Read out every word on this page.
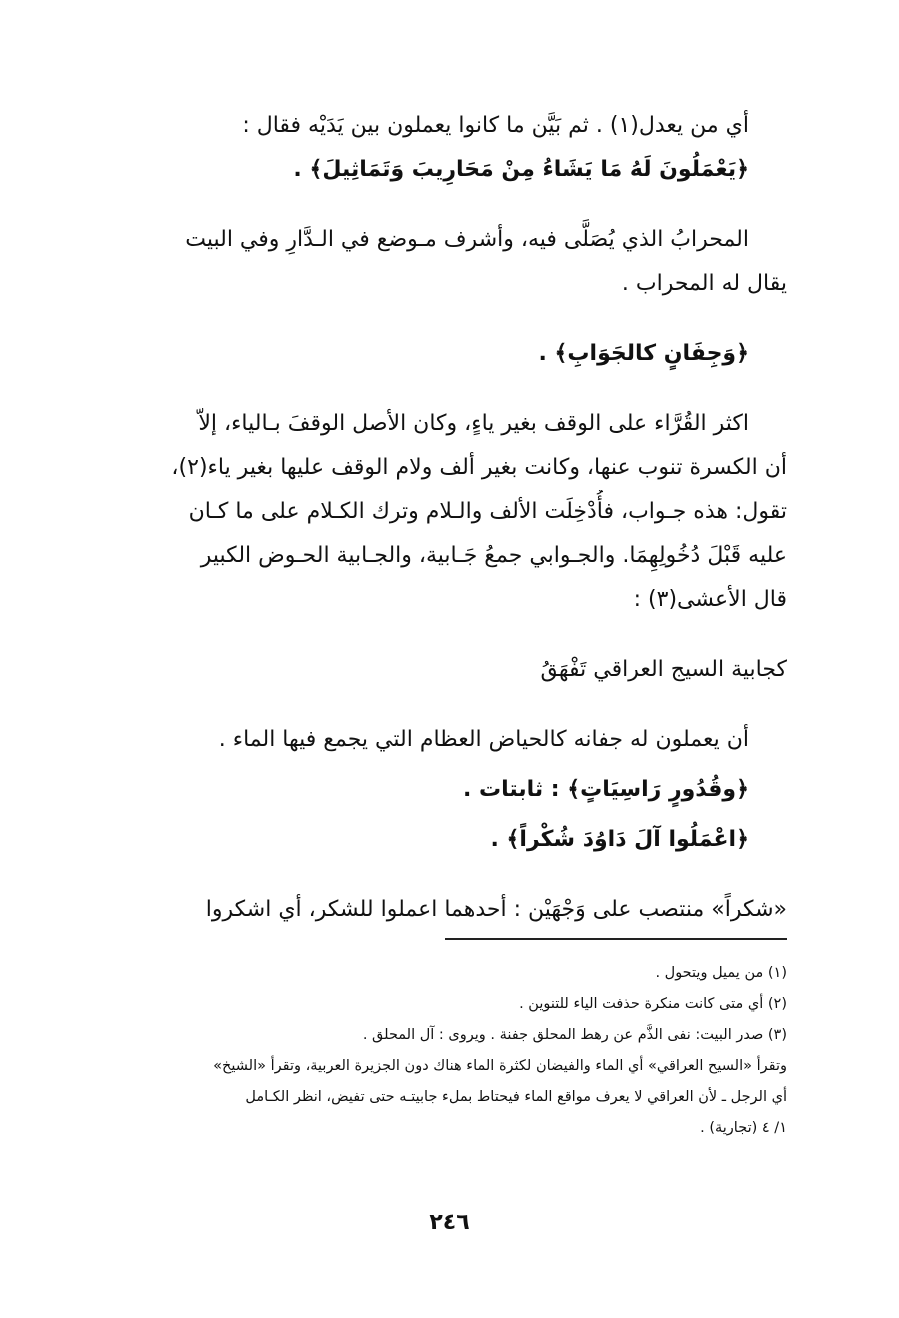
أي من يعدل(١) . ثم بَيَّن ما كانوا يعملون بين يَدَيْه فقال :
﴿يَعْمَلُونَ لَهُ مَا يَشَاءُ مِنْ مَحَارِيبَ وَتَمَاثِيلَ﴾ .
المحرابُ الذي يُصَلَّى فيه، وأشرف مـوضع في الـدَّارِ وفي البيت
يقال له المحراب .
﴿وَجِفَانٍ كالجَوَابِ﴾ .
اكثر القُرَّاء على الوقف بغير ياءٍ، وكان الأصل الوقفَ بـالياء، إلاّ
أن الكسرة تنوب عنها، وكانت بغير ألف ولام الوقف عليها بغير ياء(٢)،
تقول: هذه جـواب، فأُدْخِلَت الألف والـلام وترك الكـلام على ما كـان
عليه قَبْلَ دُخُولِهِمَا. والجـوابي جمعُ جَـابية، والجـابية الحـوض الكبير
قال الأعشى(٣) :
كجابية السيج العراقي تَفْهَقُ
أن يعملون له جفانه كالحياض العظام التي يجمع فيها الماء .
﴿وقُدُورٍ رَاسِيَاتٍ﴾ : ثابتات .
﴿اعْمَلُوا آلَ دَاوُدَ شُكْراً﴾ .
«شكراً» منتصب على وَجْهَيْن : أحدهما اعملوا للشكر، أي اشكروا
(١) من يميل ويتحول .
(٢) أي متى كانت منكرة حذفت الياء للتنوين .
(٣) صدر البيت: نفى الذَّم عن رهط المحلق جفنة . ويروى : آل المحلق .
وتقرأ «السيح العراقي» أي الماء والفيضان لكثرة الماء هناك دون الجزيرة العربية، وتقرأ «الشيخ»
أي الرجل ـ لأن العراقي لا يعرف مواقع الماء فيحتاط بملء جابيتـه حتى تفيض، انظر الكـامل
١/ ٤ (تجارية) .
٢٤٦
